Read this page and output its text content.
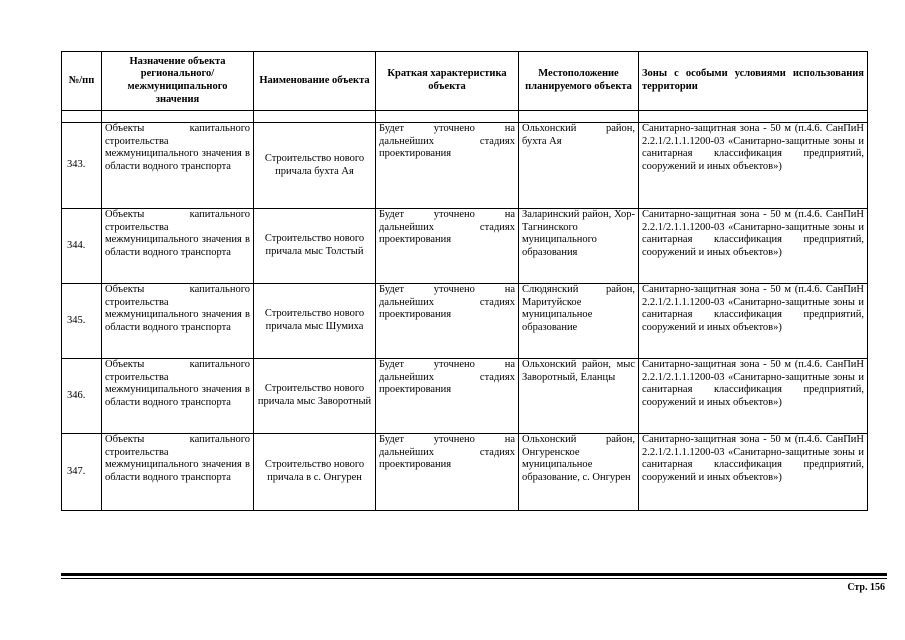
№/пп	Назначение объекта регионального/ межмуниципального значения	Наименование объекта	Краткая характеристика объекта	Местоположение планируемого объекта	Зоны с особыми условиями использования территории

343.	Объекты капитального строительства межмуниципального значения в области водного транспорта	Строительство нового причала бухта Ая	Будет уточнено на дальнейших стадиях проектирования	Ольхонский район, бухта Ая	Санитарно-защитная зона - 50 м (п.4.6. СанПиН 2.2.1/2.1.1.1200-03 «Санитарно-защитные зоны и санитарная классификация предприятий, сооружений и иных объектов»)
344.	Объекты капитального строительства межмуниципального значения в области водного транспорта	Строительство нового причала мыс Толстый	Будет уточнено на дальнейших стадиях проектирования	Заларинский район, Хор-Тагнинского муниципального образования	Санитарно-защитная зона - 50 м (п.4.6. СанПиН 2.2.1/2.1.1.1200-03 «Санитарно-защитные зоны и санитарная классификация предприятий, сооружений и иных объектов»)
345.	Объекты капитального строительства межмуниципального значения в области водного транспорта	Строительство нового причала мыс Шумиха	Будет уточнено на дальнейших стадиях проектирования	Слюдянский район, Маритуйское муниципальное образование	Санитарно-защитная зона - 50 м (п.4.6. СанПиН 2.2.1/2.1.1.1200-03 «Санитарно-защитные зоны и санитарная классификация предприятий, сооружений и иных объектов»)
346.	Объекты капитального строительства межмуниципального значения в области водного транспорта	Строительство нового причала мыс Заворотный	Будет уточнено на дальнейших стадиях проектирования	Ольхонский район, мыс Заворотный, Еланцы	Санитарно-защитная зона - 50 м (п.4.6. СанПиН 2.2.1/2.1.1.1200-03 «Санитарно-защитные зоны и санитарная классификация предприятий, сооружений и иных объектов»)
347.	Объекты капитального строительства межмуниципального значения в области водного транспорта	Строительство нового причала в с. Онгурен	Будет уточнено на дальнейших стадиях проектирования	Ольхонский район, Онгуренское муниципальное образование, с. Онгурен	Санитарно-защитная зона - 50 м (п.4.6. СанПиН 2.2.1/2.1.1.1200-03 «Санитарно-защитные зоны и санитарная классификация предприятий, сооружений и иных объектов»)
Стр. 156
